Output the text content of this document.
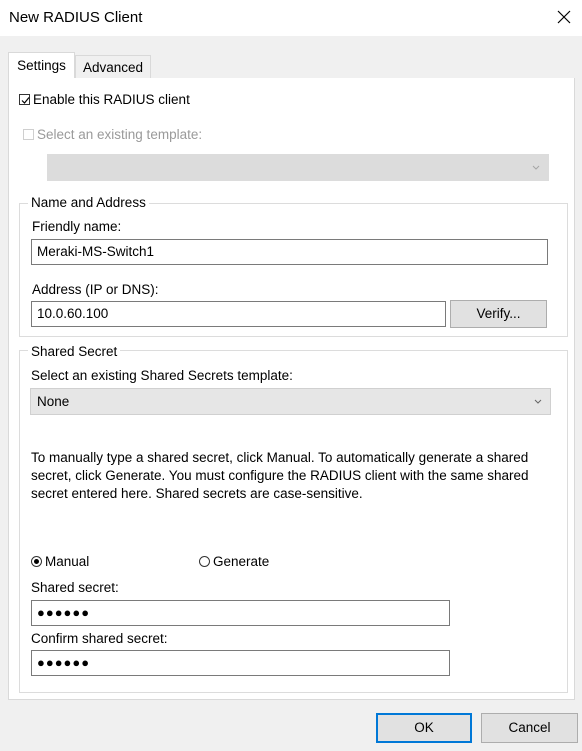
New RADIUS Client
Advanced
Settings
Enable this RADIUS client
Select an existing template:
Name and Address
Friendly name:
Meraki-MS-Switch1
Address (IP or DNS):
10.0.60.100	Verify...
Shared Secret
Select an existing Shared Secrets template:
None
To manually type a shared secret, click Manual. To automatically generate a shared secret, click Generate. You must configure the RADIUS client with the same shared secret entered here. Shared secrets are case-sensitive.
Manual	Generate
Shared secret:
●●●●●●
Confirm shared secret:
●●●●●●
OK	Cancel
